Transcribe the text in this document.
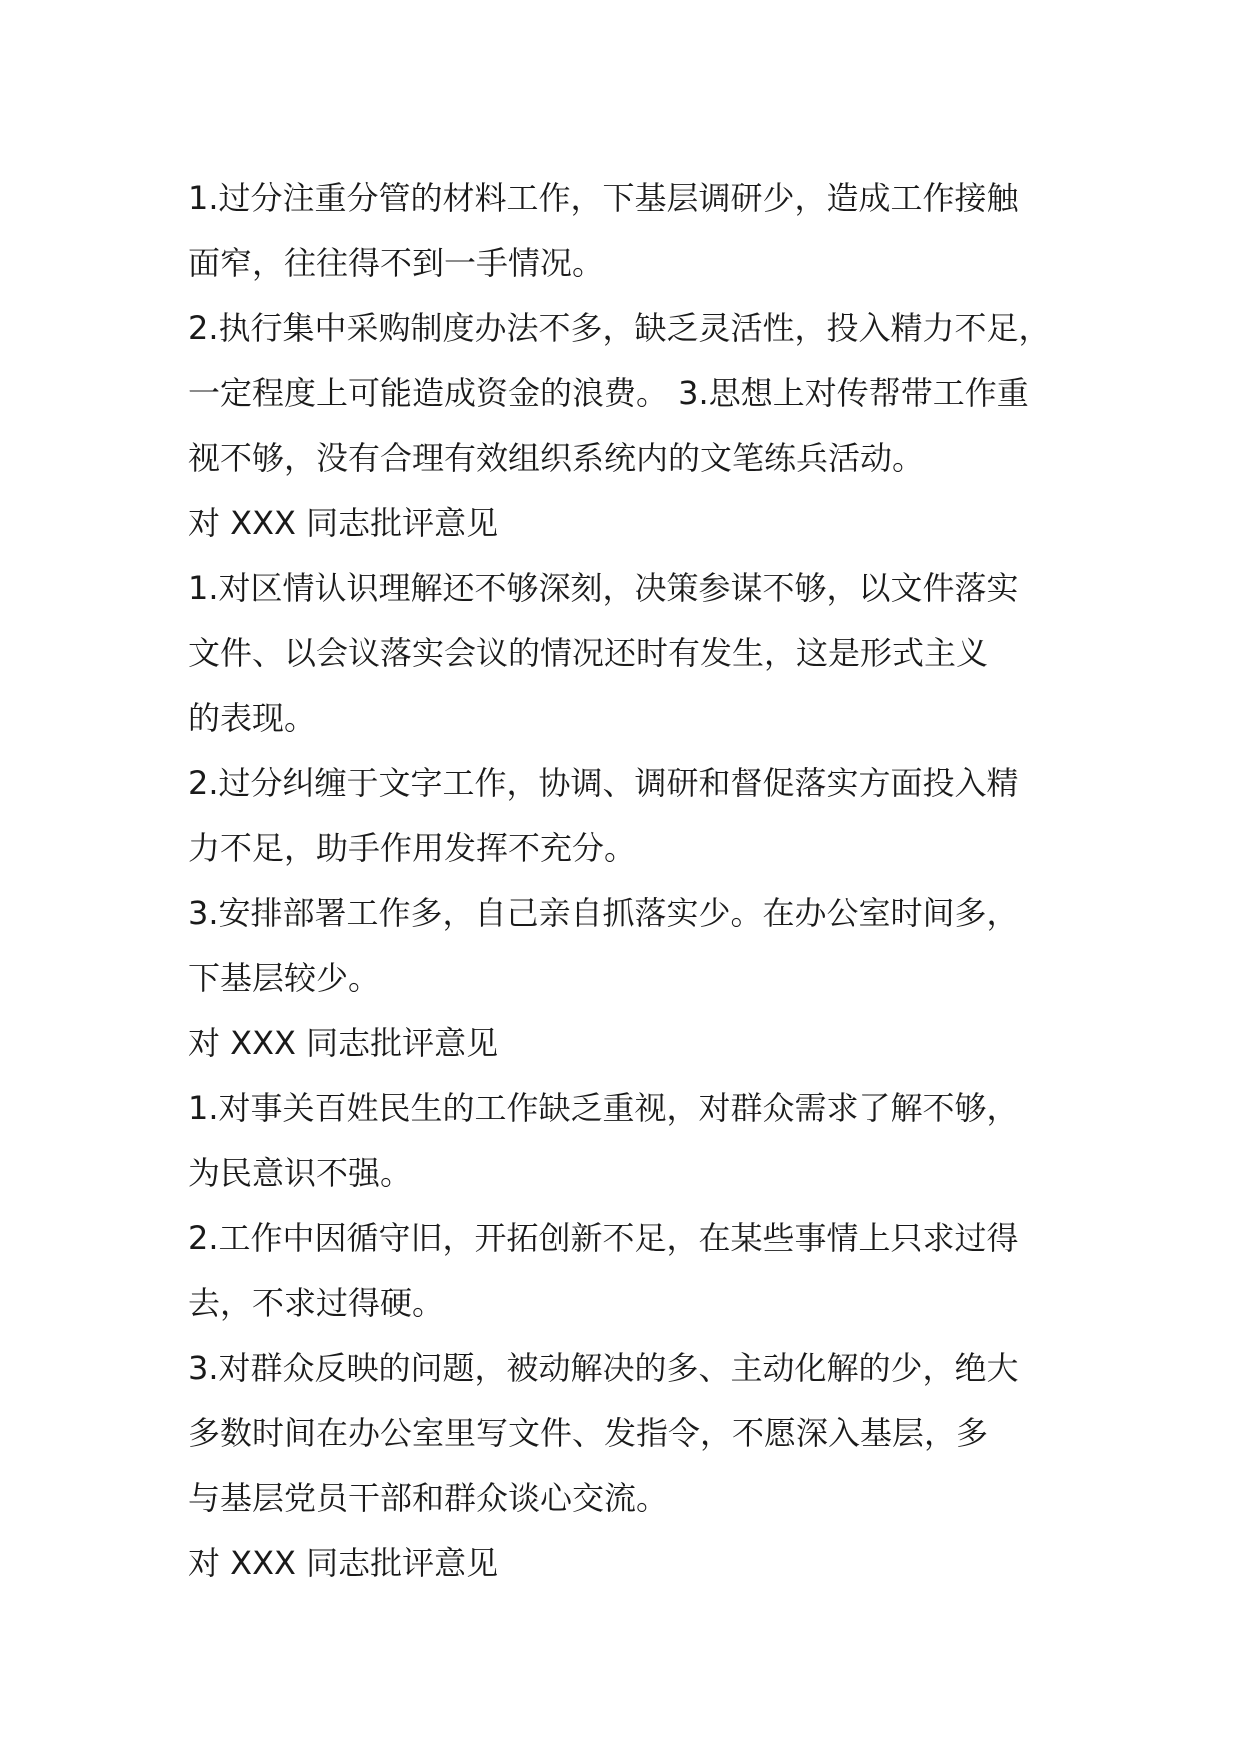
1.过分注重分管的材料工作，下基层调研少，造成工作接触

面窄，往往得不到一手情况。

2.执行集中采购制度办法不多，缺乏灵活性，投入精力不足，

一定程度上可能造成资金的浪费。 3.思想上对传帮带工作重

视不够，没有合理有效组织系统内的文笔练兵活动。

对 XXX 同志批评意见

1.对区情认识理解还不够深刻，决策参谋不够，以文件落实

文件、以会议落实会议的情况还时有发生，这是形式主义

的表现。

2.过分纠缠于文字工作，协调、调研和督促落实方面投入精

力不足，助手作用发挥不充分。

3.安排部署工作多，自己亲自抓落实少。在办公室时间多，

下基层较少。

对 XXX 同志批评意见

1.对事关百姓民生的工作缺乏重视，对群众需求了解不够，

为民意识不强。

2.工作中因循守旧，开拓创新不足，在某些事情上只求过得

去，不求过得硬。

3.对群众反映的问题，被动解决的多、主动化解的少，绝大

多数时间在办公室里写文件、发指令，不愿深入基层，多

与基层党员干部和群众谈心交流。

对 XXX 同志批评意见
